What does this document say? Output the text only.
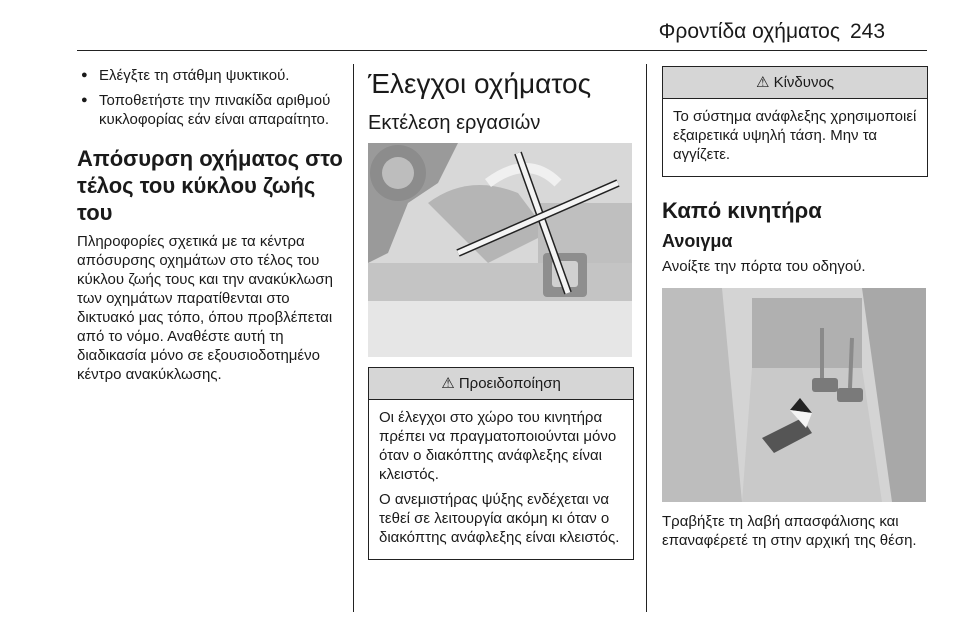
Φροντίδα οχήματος 243
● Ελέγξτε τη στάθμη ψυκτικού.
● Τοποθετήστε την πινακίδα αριθμού κυκλοφορίας εάν είναι απαραίτητο.
Απόσυρση οχήματος στο τέλος του κύκλου ζωής του

Πληροφορίες σχετικά με τα κέντρα απόσυρσης οχημάτων στο τέλος του κύκλου ζωής τους και την ανακύκλωση των οχημάτων παρατίθενται στο δικτυακό μας τόπο, όπου προβλέπεται από το νόμο. Αναθέστε αυτή τη διαδικασία μόνο σε εξουσιοδοτημένο κέντρο ανακύκλωσης.

Έλεγχοι οχήματος
Εκτέλεση εργασιών
⚠ Προειδοποίηση

Οι έλεγχοι στο χώρο του κινητήρα πρέπει να πραγματοποιούνται μόνο όταν ο διακόπτης ανάφλεξης είναι κλειστός.

Ο ανεμιστήρας ψύξης ενδέχεται να τεθεί σε λειτουργία ακόμη κι όταν ο διακόπτης ανάφλεξης είναι κλειστός.

⚠ Κίνδυνος

Το σύστημα ανάφλεξης χρησιμοποιεί εξαιρετικά υψηλή τάση. Μην τα αγγίζετε.

Καπό κινητήρα
Ανοιγμα

Ανοίξτε την πόρτα του οδηγού.

Τραβήξτε τη λαβή απασφάλισης και επαναφέρετέ τη στην αρχική της θέση.
